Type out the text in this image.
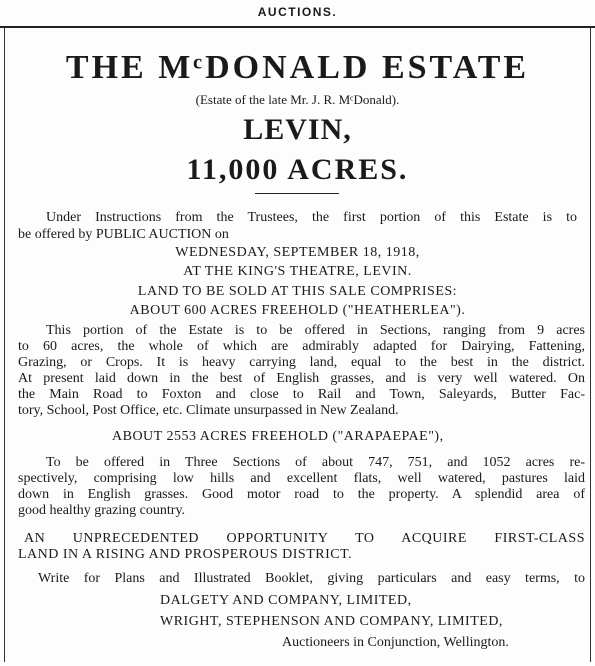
AUCTIONS.
THE MᶜDONALD ESTATE
(Estate of the late Mr. J. R. MᶜDonald).
LEVIN,
11,000 ACRES.
Under Instructions from the Trustees, the first portion of this Estate is to
be offered by PUBLIC AUCTION on
WEDNESDAY, SEPTEMBER 18, 1918,
AT THE KING'S THEATRE, LEVIN.
LAND TO BE SOLD AT THIS SALE COMPRISES:
ABOUT 600 ACRES FREEHOLD ("HEATHERLEA").
This portion of the Estate is to be offered in Sections, ranging from 9 acres
to 60 acres, the whole of which are admirably adapted for Dairying, Fattening,
Grazing, or Crops. It is heavy carrying land, equal to the best in the district.
At present laid down in the best of English grasses, and is very well watered. On
the Main Road to Foxton and close to Rail and Town, Saleyards, Butter Fac-
tory, School, Post Office, etc. Climate unsurpassed in New Zealand.
ABOUT 2553 ACRES FREEHOLD ("ARAPAEPAE"),
To be offered in Three Sections of about 747, 751, and 1052 acres re-
spectively, comprising low hills and excellent flats, well watered, pastures laid
down in English grasses. Good motor road to the property. A splendid area of
good healthy grazing country.
AN UNPRECEDENTED OPPORTUNITY TO ACQUIRE FIRST-CLASS
LAND IN A RISING AND PROSPEROUS DISTRICT.
Write for Plans and Illustrated Booklet, giving particulars and easy terms, to
DALGETY AND COMPANY, LIMITED,
WRIGHT, STEPHENSON AND COMPANY, LIMITED,
Auctioneers in Conjunction, Wellington.
